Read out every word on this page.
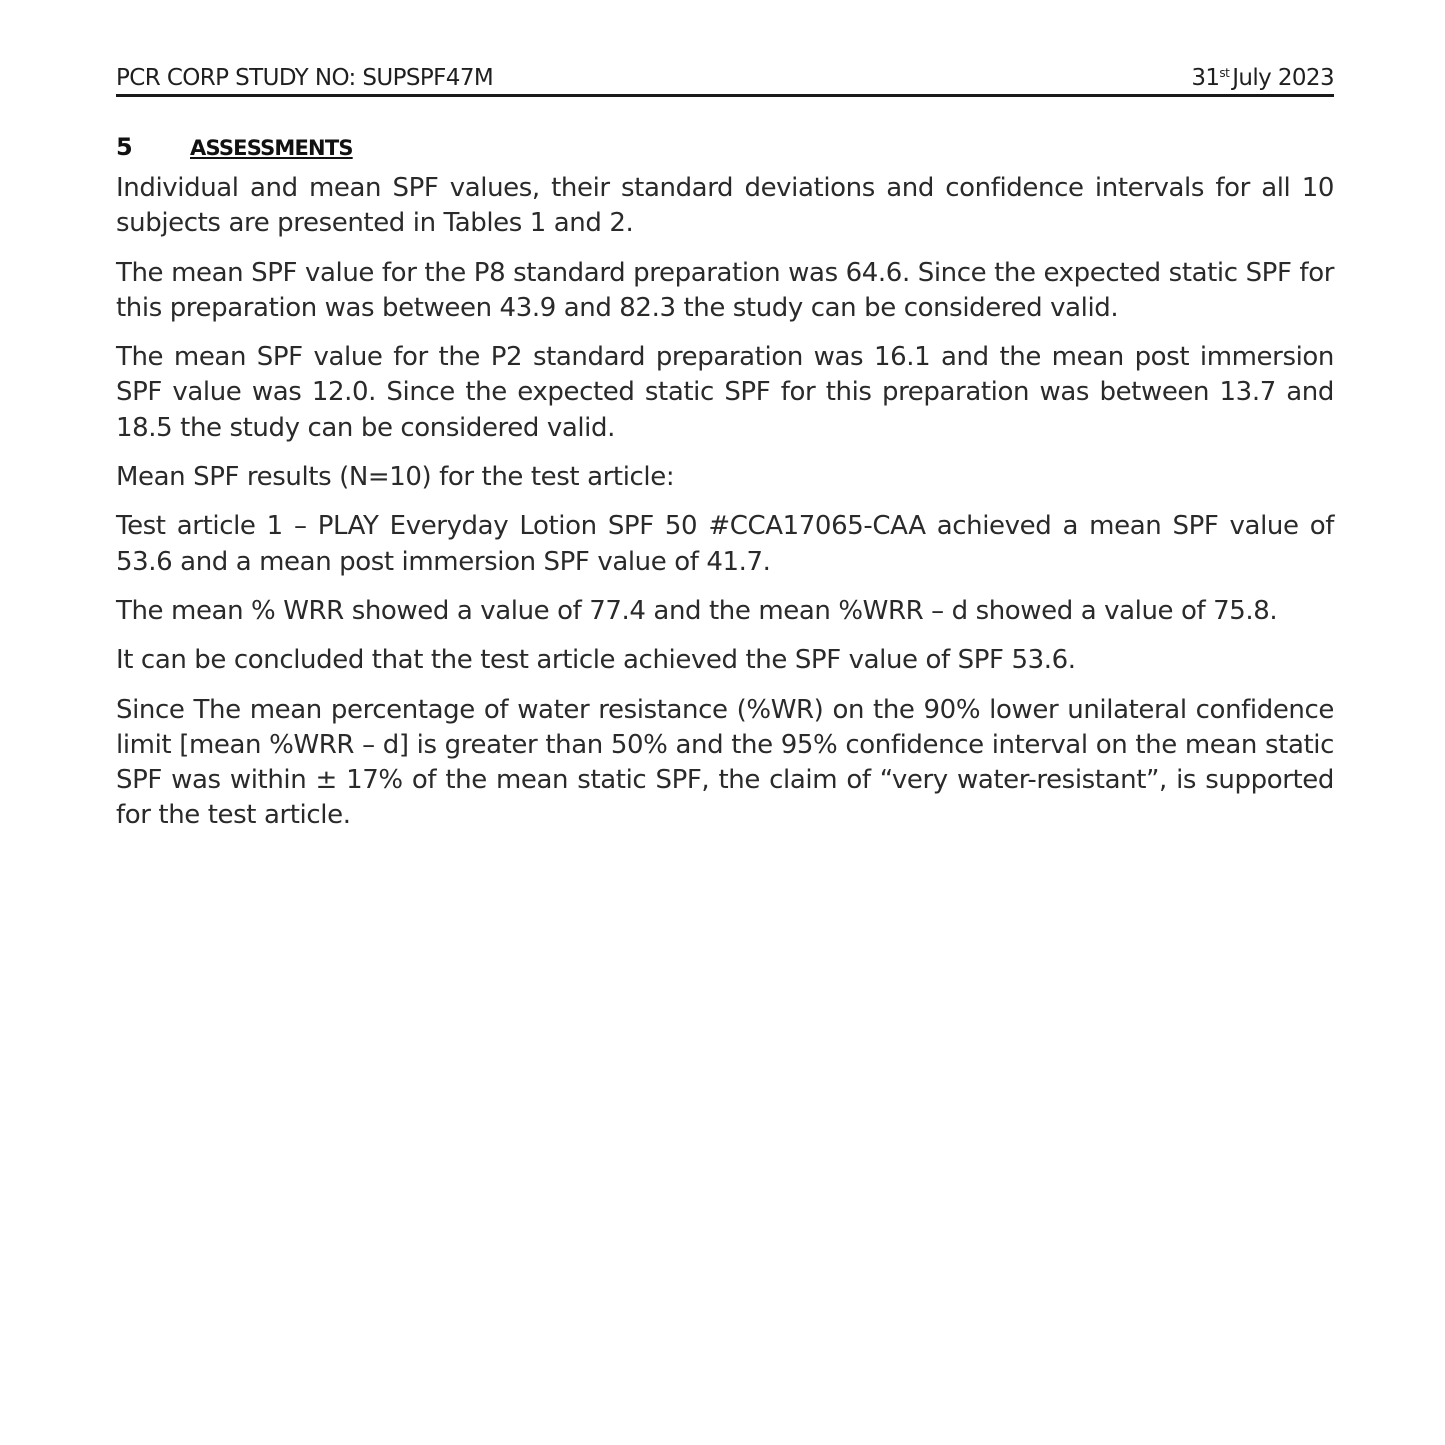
PCR CORP STUDY NO: SUPSPF47M	31st July 2023
5	ASSESSMENTS

Individual and mean SPF values, their standard deviations and confidence intervals for all 10 subjects are presented in Tables 1 and 2.

The mean SPF value for the P8 standard preparation was 64.6. Since the expected static SPF for this preparation was between 43.9 and 82.3 the study can be considered valid.

The mean SPF value for the P2 standard preparation was 16.1 and the mean post immersion SPF value was 12.0. Since the expected static SPF for this preparation was between 13.7 and 18.5 the study can be considered valid.

Mean SPF results (N=10) for the test article:

Test article 1 – PLAY Everyday Lotion SPF 50 #CCA17065-CAA achieved a mean SPF value of 53.6 and a mean post immersion SPF value of 41.7.

The mean % WRR showed a value of 77.4 and the mean %WRR – d showed a value of 75.8.

It can be concluded that the test article achieved the SPF value of SPF 53.6.

Since The mean percentage of water resistance (%WR) on the 90% lower unilateral confidence limit [mean %WRR – d] is greater than 50% and the 95% confidence interval on the mean static SPF was within ± 17% of the mean static SPF, the claim of “very water-resistant”, is supported for the test article.
